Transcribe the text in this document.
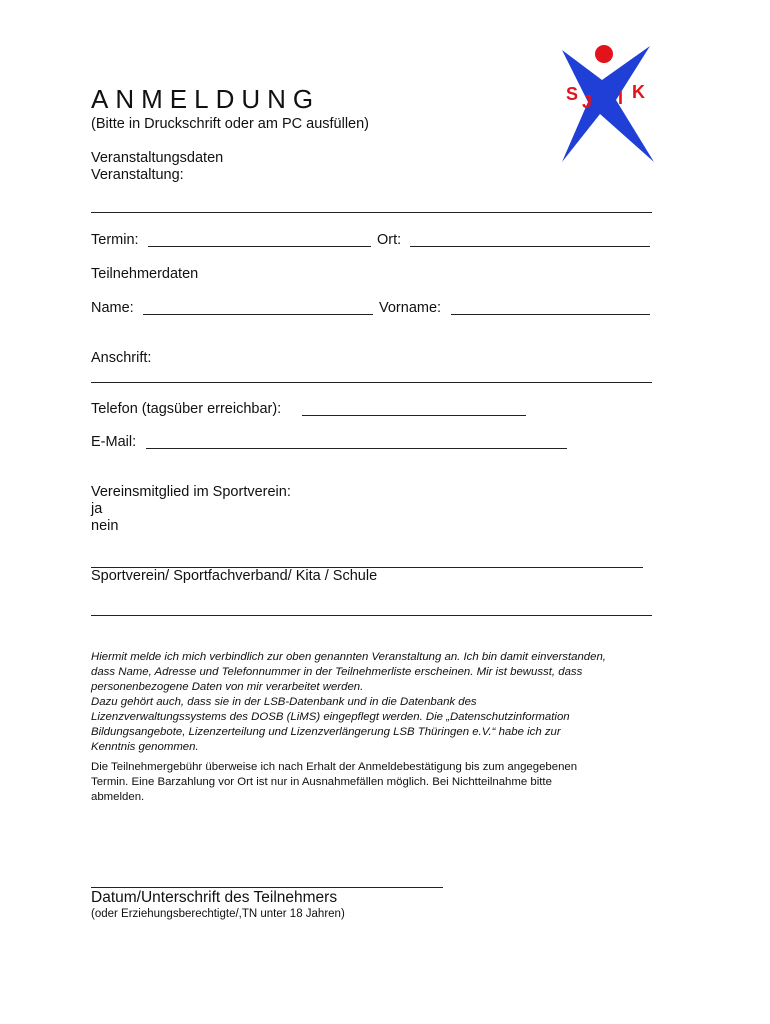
S J I K
ANMELDUNG
(Bitte in Druckschrift oder am PC ausfüllen)
Veranstaltungsdaten
Veranstaltung:
Termin:	Ort:
Teilnehmerdaten
Name:	Vorname:
Anschrift:
Telefon (tagsüber erreichbar):
E-Mail:
Vereinsmitglied im Sportverein:
ja
nein
Sportverein/ Sportfachverband/ Kita / Schule

Hiermit melde ich mich verbindlich zur oben genannten Veranstaltung an. Ich bin damit einverstanden,

dass Name, Adresse und Telefonnummer in der Teilnehmerliste erscheinen. Mir ist bewusst, dass

personenbezogene Daten von mir verarbeitet werden.

Dazu gehört auch, dass sie in der LSB-Datenbank und in die Datenbank des

Lizenzverwaltungssystems des DOSB (LiMS) eingepflegt werden. Die „Datenschutzinformation

Bildungsangebote, Lizenzerteilung und Lizenzverlängerung LSB Thüringen e.V.“ habe ich zur

Kenntnis genommen.

Die Teilnehmergebühr überweise ich nach Erhalt der Anmeldebestätigung bis zum angegebenen

Termin. Eine Barzahlung vor Ort ist nur in Ausnahmefällen möglich. Bei Nichtteilnahme bitte

abmelden.

Datum/Unterschrift des Teilnehmers
(oder Erziehungsberechtigte/,TN unter 18 Jahren)
